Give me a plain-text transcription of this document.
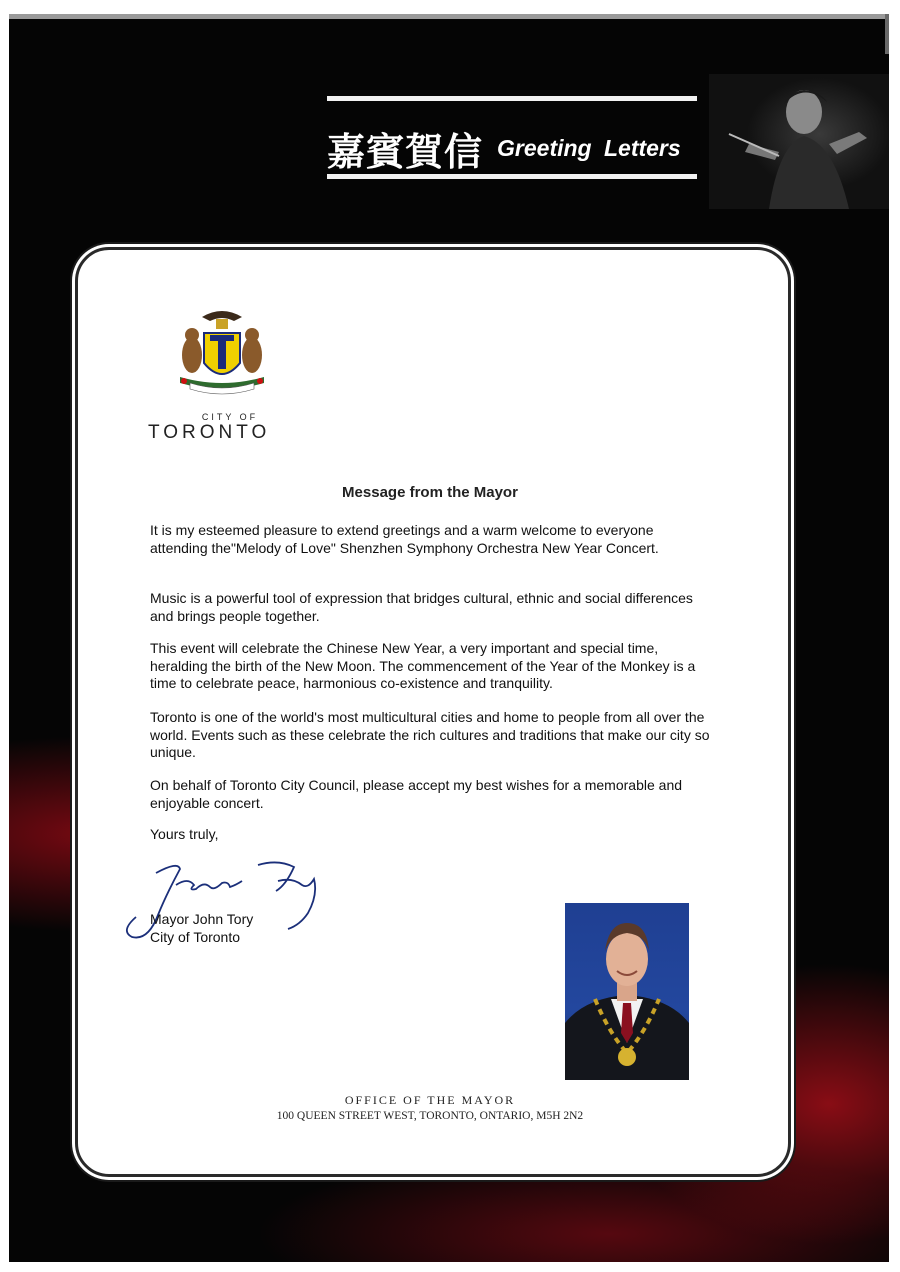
嘉賓賀信 Greeting Letters
CITY OF
TORONTO
Message from the Mayor

It is my esteemed pleasure to extend greetings and a warm welcome to everyone attending the"Melody of Love" Shenzhen Symphony Orchestra New Year Concert.

Music is a powerful tool of expression that bridges cultural, ethnic and social differences and brings people together.

This event will celebrate the Chinese New Year, a very important and special time, heralding the birth of the New Moon. The commencement of the Year of the Monkey is a time to celebrate peace, harmonious co-existence and tranquility.

Toronto is one of the world's most multicultural cities and home to people from all over the world. Events such as these celebrate the rich cultures and traditions that make our city so unique.

On behalf of Toronto City Council, please accept my best wishes for a memorable and enjoyable concert.

Yours truly,
Mayor John Tory
City of Toronto
OFFICE OF THE MAYOR
100 QUEEN STREET WEST, TORONTO, ONTARIO, M5H 2N2
